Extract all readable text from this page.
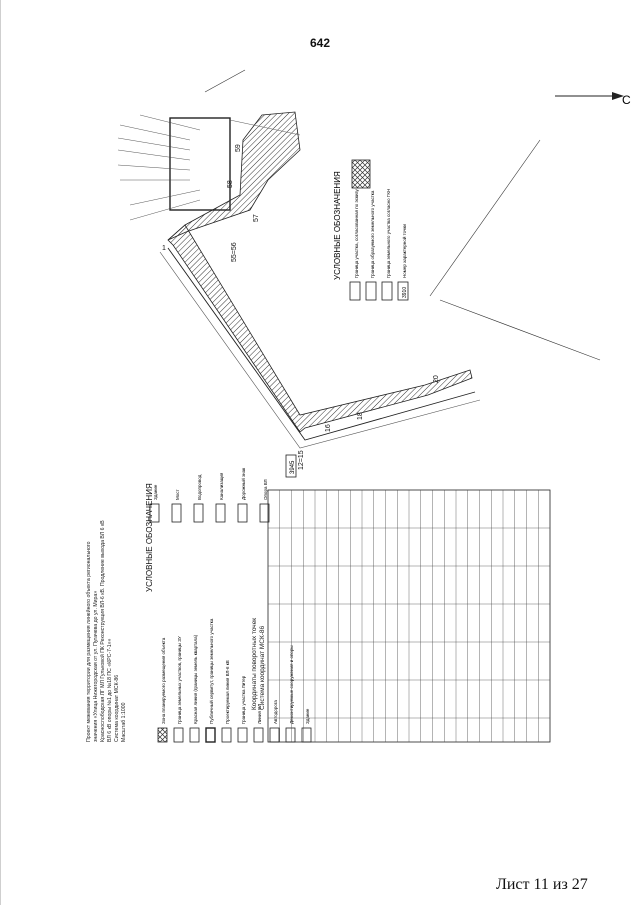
642
С
Проект межевания территории для размещения линейного объекта регионального значения «Улица Нижегородская от ул. Пугачева до ул. Мира» Краснослободская ЛГ МЛ Гульковой ПК Реконструкция ВЛ-6 кВ. Продление выхода ВЛ 6 кВ ВЛ 6 кВ опоры №1 до №18 ПС «КРС-7-1»» Система координат МСК-86 Масштаб 1:1000
УСЛОВНЫЕ ОБОЗНАЧЕНИЯ
Зона планируемого размещения объекта Граница земельных участков, границы ЗУ Красная линия (границы земель квартала) Публичный сервитут, границы земельного участка Проектируемая линия ВЛ-6 кВ Граница участка Литер Линия ВЛ Автодорога Демонтируемые сооружения и опоры Здание
Здание	Мост	Водопровод	Канализация	Дорожный знак	Опора ВЛ
Координаты поворотных точек Система координат МСК-86
1	55=56
57
58
59
16
18
20
12=15
3945
УСЛОВНЫЕ ОБОЗНАЧЕНИЯ	Граница участка, согласованная по эскизу Граница образуемого земельного участка Граница земельного участка согласно ГКН
3910
Номер характерной точки
Лист 11 из 27
